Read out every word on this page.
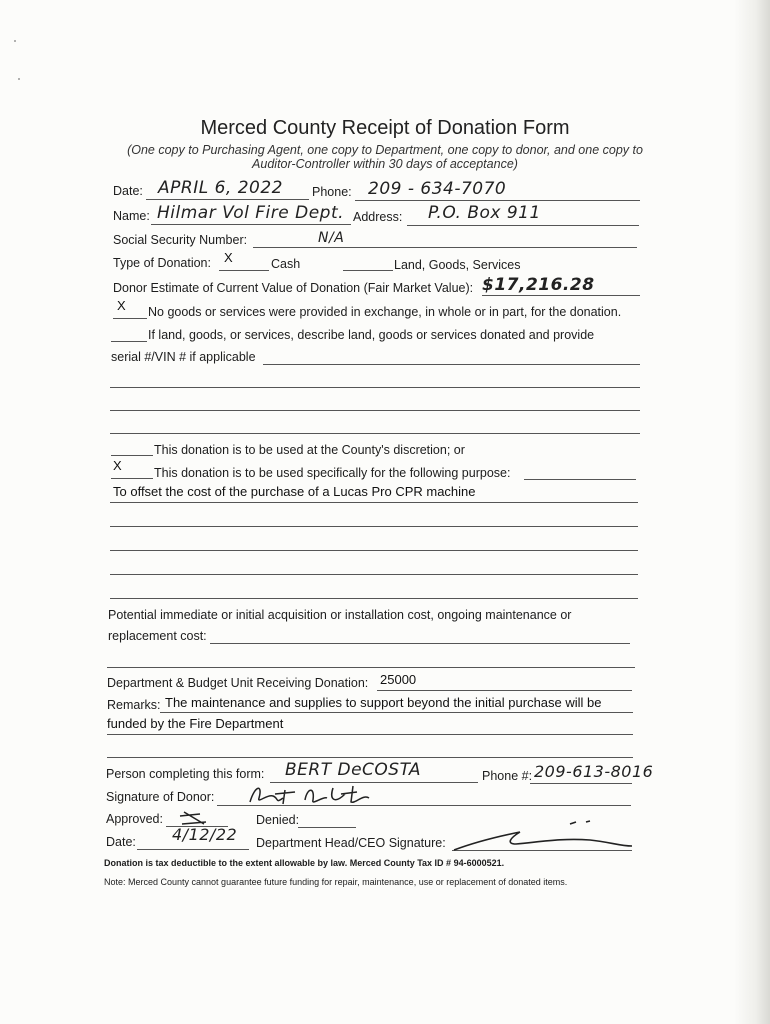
Merced County Receipt of Donation Form
(One copy to Purchasing Agent, one copy to Department, one copy to donor, and one copy to
Auditor-Controller within 30 days of acceptance)
Date: APRIL 6, 2022 Phone: 209 - 634-7070
Name: Hilmar Vol Fire Dept. Address: P.O. Box 911
Social Security Number:	N/A
Type of Donation: X	Cash	Land, Goods, Services
Donor Estimate of Current Value of Donation (Fair Market Value): $17,216.28
X No goods or services were provided in exchange, in whole or in part, for the donation.
If land, goods, or services, describe land, goods or services donated and provide
serial #/VIN # if applicable
This donation is to be used at the County's discretion; or
X	This donation is to be used specifically for the following purpose:
To offset the cost of the purchase of a Lucas Pro CPR machine
Potential immediate or initial acquisition or installation cost, ongoing maintenance or
replacement cost:
Department & Budget Unit Receiving Donation: 25000
Remarks: The maintenance and supplies to support beyond the initial purchase will be
funded by the Fire Department
Person completing this form: BERT DeCOSTA	Phone #: 209-613-8016
Signature of Donor:
Approved:	Denied:
Date: 4/12/22 Department Head/CEO Signature:
Donation is tax deductible to the extent allowable by law. Merced County Tax ID # 94-6000521.
Note: Merced County cannot guarantee future funding for repair, maintenance, use or replacement of donated items.
